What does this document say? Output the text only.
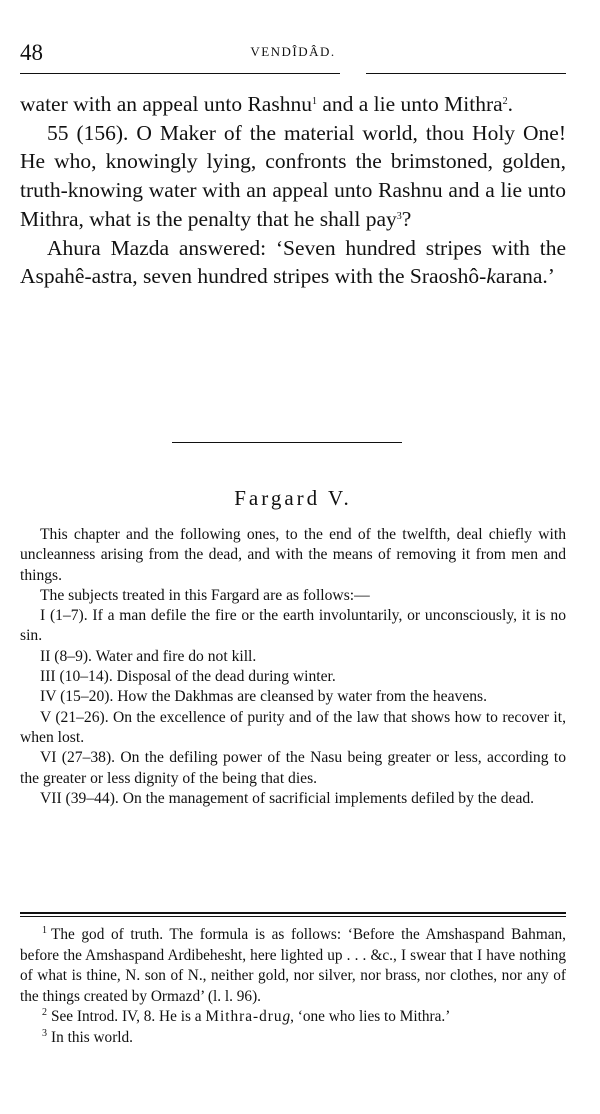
48	VENDÎDÂD.

water with an appeal unto Rashnu$^1$ and a lie unto Mithra$^2$.

55 (156). O Maker of the material world, thou Holy One! He who, knowingly lying, confronts the brimstoned, golden, truth-knowing water with an appeal unto Rashnu and a lie unto Mithra, what is the penalty that he shall pay$^3$?

Ahura Mazda answered: ‘Seven hundred stripes with the Aspahê-astra, seven hundred stripes with the Sraoshô-karana.’

Fargard V.

This chapter and the following ones, to the end of the twelfth, deal chiefly with uncleanness arising from the dead, and with the means of removing it from men and things.

The subjects treated in this Fargard are as follows:—

I (1–7). If a man defile the fire or the earth involuntarily, or unconsciously, it is no sin.

II (8–9). Water and fire do not kill.

III (10–14). Disposal of the dead during winter.

IV (15–20). How the Dakhmas are cleansed by water from the heavens.

V (21–26). On the excellence of purity and of the law that shows how to recover it, when lost.

VI (27–38). On the defiling power of the Nasu being greater or less, according to the greater or less dignity of the being that dies.

VII (39–44). On the management of sacrificial implements defiled by the dead.

$^1$ The god of truth. The formula is as follows: ‘Before the Amshaspand Bahman, before the Amshaspand Ardibehesht, here lighted up . . . &c., I swear that I have nothing of what is thine, N. son of N., neither gold, nor silver, nor brass, nor clothes, nor any of the things created by Ormazd’ (l. l. 96).

$^2$ See Introd. IV, 8. He is a Mithra-drug, ‘one who lies to Mithra.’

$^3$ In this world.
